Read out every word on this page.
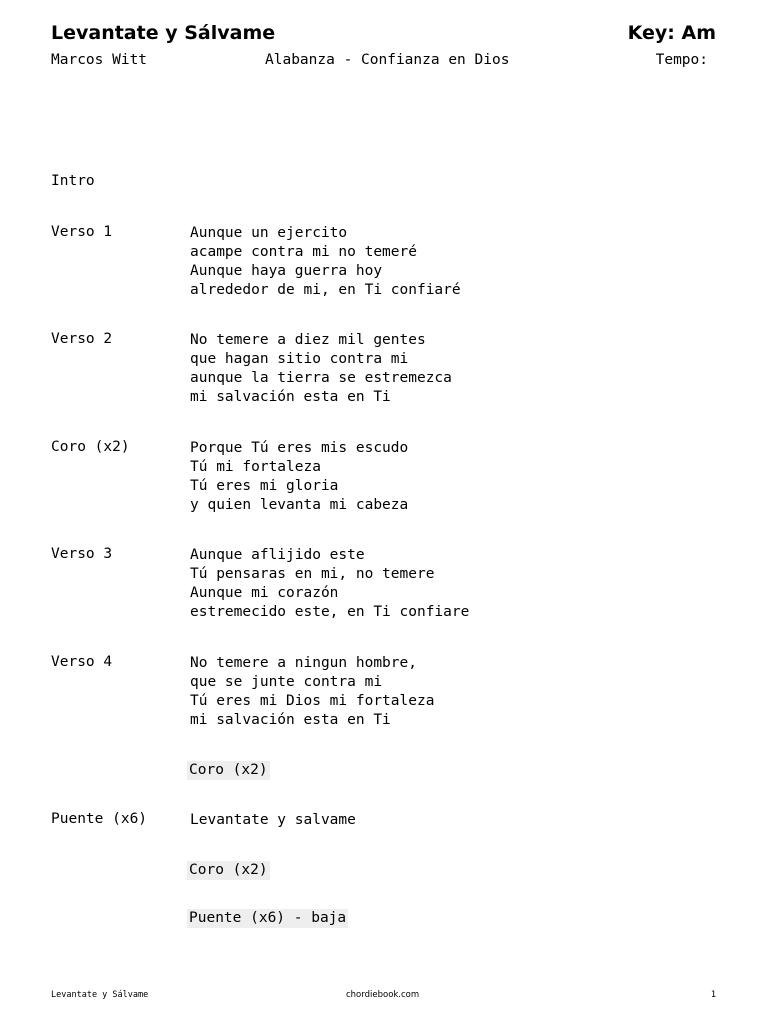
Levantate y Sálvame	Key: Am
Marcos Witt	Alabanza - Confianza en Dios	Tempo:
Intro
Verso 1	Aunque un ejercito
acampe contra mi no temeré
Aunque haya guerra hoy
alrededor de mi, en Ti confiaré
Verso 2	No temere a diez mil gentes
que hagan sitio contra mi
aunque la tierra se estremezca
mi salvación esta en Ti
Coro (x2)	Porque Tú eres mis escudo
Tú mi fortaleza
Tú eres mi gloria
y quien levanta mi cabeza
Verso 3	Aunque aflijido este
Tú pensaras en mi, no temere
Aunque mi corazón
estremecido este, en Ti confiare
Verso 4	No temere a ningun hombre,
que se junte contra mi
Tú eres mi Dios mi fortaleza
mi salvación esta en Ti
Coro (x2)
Puente (x6)	Levantate y salvame
Coro (x2)
Puente (x6) - baja
Levantate y Sálvame	chordiebook.com	1
